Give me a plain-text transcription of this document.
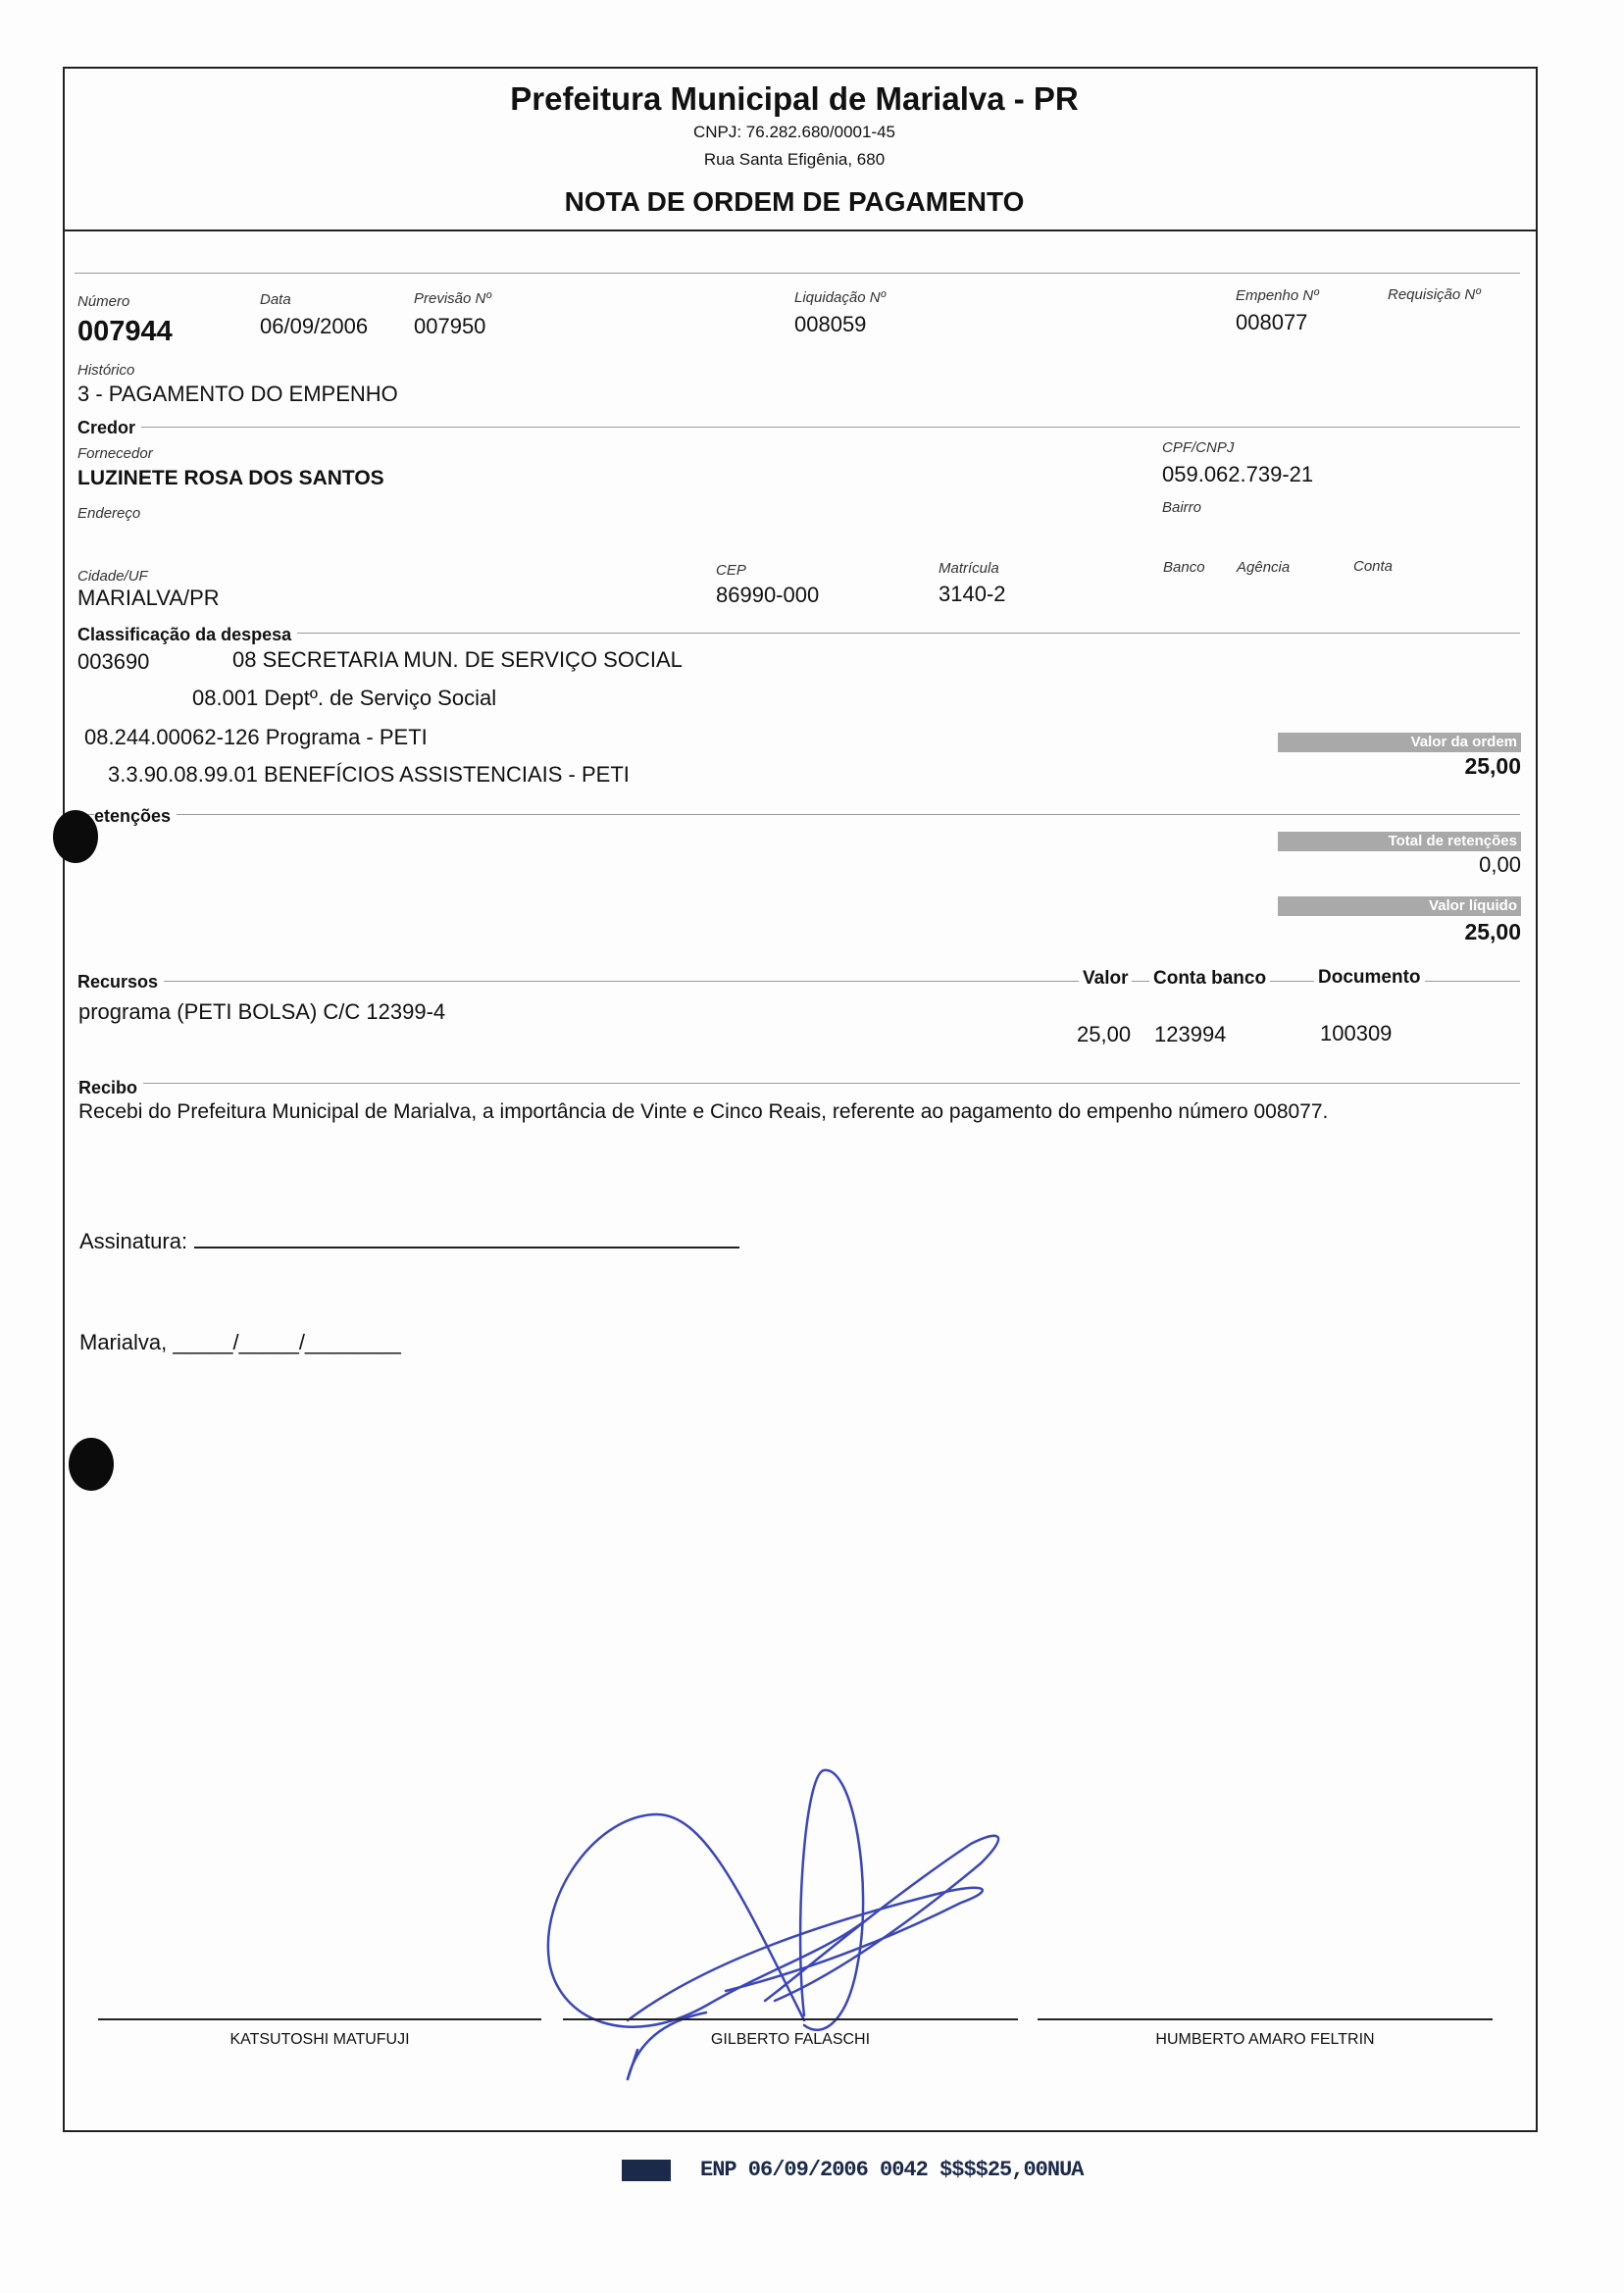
Prefeitura Municipal de Marialva - PR
CNPJ: 76.282.680/0001-45
Rua Santa Efigênia, 680
NOTA DE ORDEM DE PAGAMENTO
Número
007944
Data
06/09/2006
Previsão Nº
007950
Liquidação Nº
008059
Empenho Nº
008077
Requisição Nº
Histórico
3 - PAGAMENTO DO EMPENHO
Credor
Fornecedor
LUZINETE ROSA DOS SANTOS
CPF/CNPJ
059.062.739-21
Endereço	Bairro
Cidade/UF
MARIALVA/PR
CEP
86990-000
Matrícula
3140-2
Banco Agência	Conta
Classificação da despesa
003690	08 SECRETARIA MUN. DE SERVIÇO SOCIAL
08.001 Deptº. de Serviço Social
08.244.00062-126 Programa - PETI
3.3.90.08.99.01 BENEFÍCIOS ASSISTENCIAIS - PETI
Valor da ordem
25,00
etenções
Total de retenções
0,00
Valor líquido
25,00
Recursos	Valor Conta banco	Documento
programa (PETI BOLSA) C/C 12399-4
25,00 123994	100309
Recibo
Recebi do Prefeitura Municipal de Marialva, a importância de Vinte e Cinco Reais, referente ao pagamento do empenho número 008077.
Assinatura:
Marialva, _____/_____/________
KATSUTOSHI MATUFUJI	GILBERTO FALASCHI	HUMBERTO AMARO FELTRIN
ENP 06/09/2006 0042 $$$$25,00NUA
